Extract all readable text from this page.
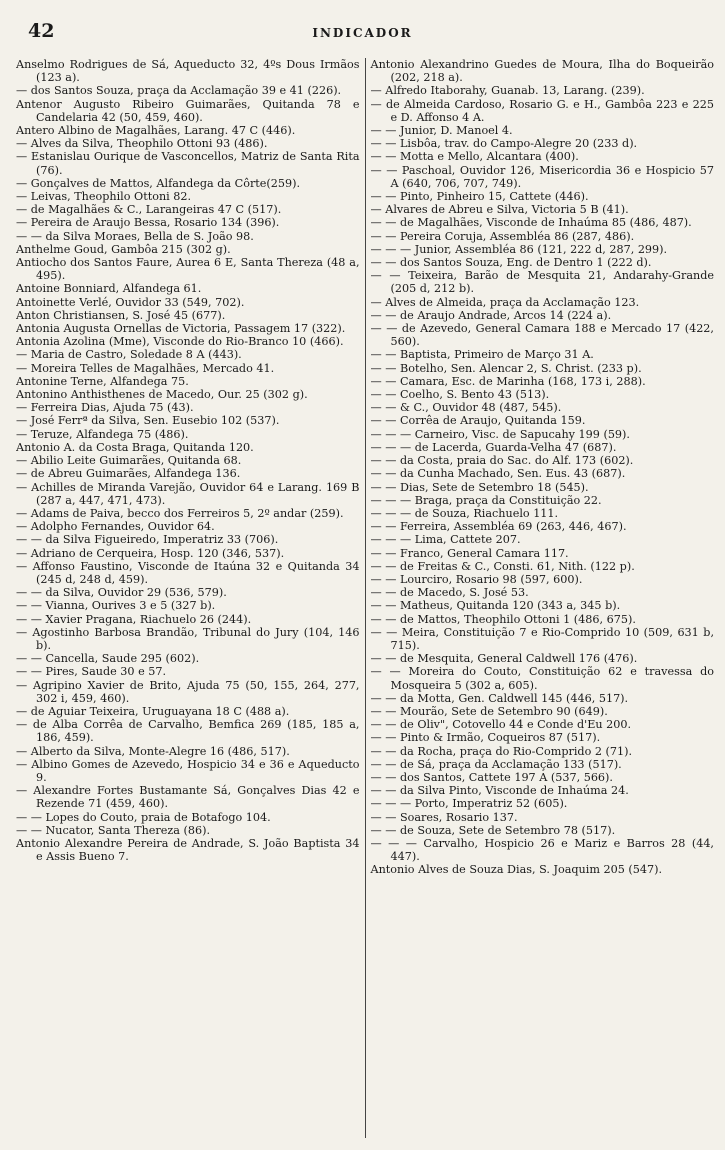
42	INDICADOR
Anselmo Rodrigues de Sá, Aqueducto 32, 4ºs Dous Irmãos (123 a).
— dos Santos Souza, praça da Acclamação 39 e 41 (226).
Antenor Augusto Ribeiro Guimarães, Quitanda 78 e Candelaria 42 (50, 459, 460).
Antero Albino de Magalhães, Larang. 47 C (446).
— Alves da Silva, Theophilo Ottoni 93 (486).
— Estanislau Ourique de Vasconcellos, Matriz de Santa Rita (76).
— Gonçalves de Mattos, Alfandega da Côrte(259).
— Leivas, Theophilo Ottoni 82.
— de Magalhães & C., Larangeiras 47 C (517).
— Pereira de Araujo Bessa, Rosario 134 (396).
— — da Silva Moraes, Bella de S. João 98.
Anthelme Goud, Gambôa 215 (302 g).
Antiocho dos Santos Faure, Aurea 6 E, Santa Thereza (48 a, 495).
Antoine Bonniard, Alfandega 61.
Antoinette Verlé, Ouvidor 33 (549, 702).
Anton Christiansen, S. José 45 (677).
Antonia Augusta Ornellas de Victoria, Passagem 17 (322).
Antonia Azolina (Mme), Visconde do Rio-Branco 10 (466).
— Maria de Castro, Soledade 8 A (443).
— Moreira Telles de Magalhães, Mercado 41.
Antonine Terne, Alfandega 75.
Antonino Anthisthenes de Macedo, Our. 25 (302 g).
— Ferreira Dias, Ajuda 75 (43).
— José Ferrª da Silva, Sen. Eusebio 102 (537).
— Teruze, Alfandega 75 (486).
Antonio A. da Costa Braga, Quitanda 120.
— Abilio Leite Guimarães, Quitanda 68.
— de Abreu Guimarães, Alfandega 136.
— Achilles de Miranda Varejão, Ouvidor 64 e Larang. 169 B (287 a, 447, 471, 473).
— Adams de Paiva, becco dos Ferreiros 5, 2º andar (259).
— Adolpho Fernandes, Ouvidor 64.
— — da Silva Figueiredo, Imperatriz 33 (706).
— Adriano de Cerqueira, Hosp. 120 (346, 537).
— Affonso Faustino, Visconde de Itaúna 32 e Quitanda 34 (245 d, 248 d, 459).
— — da Silva, Ouvidor 29 (536, 579).
— — Vianna, Ourives 3 e 5 (327 b).
— — Xavier Pragana, Riachuelo 26 (244).
— Agostinho Barbosa Brandão, Tribunal do Jury (104, 146 b).
— — Cancella, Saude 295 (602).
— — Pires, Saude 30 e 57.
— Agripino Xavier de Brito, Ajuda 75 (50, 155, 264, 277, 302 i, 459, 460).
— de Aguiar Teixeira, Uruguayana 18 C (488 a).
— de Alba Corrêa de Carvalho, Bemfica 269 (185, 185 a, 186, 459).
— Alberto da Silva, Monte-Alegre 16 (486, 517).
— Albino Gomes de Azevedo, Hospicio 34 e 36 e Aqueducto 9.
— Alexandre Fortes Bustamante Sá, Gonçalves Dias 42 e Rezende 71 (459, 460).
— — Lopes do Couto, praia de Botafogo 104.
— — Nucator, Santa Thereza (86).
Antonio Alexandre Pereira de Andrade, S. João Baptista 34 e Assis Bueno 7.
Antonio Alexandrino Guedes de Moura, Ilha do Boqueirão (202, 218 a).
— Alfredo Itaborahy, Guanab. 13, Larang. (239).
— de Almeida Cardoso, Rosario G. e H., Gambôa 223 e 225 e D. Affonso 4 A.
— — Junior, D. Manoel 4.
— — Lisbôa, trav. do Campo-Alegre 20 (233 d).
— — Motta e Mello, Alcantara (400).
— — Paschoal, Ouvidor 126, Misericordia 36 e Hospicio 57 A (640, 706, 707, 749).
— — Pinto, Pinheiro 15, Cattete (446).
— Alvares de Abreu e Silva, Victoria 5 B (41).
— — de Magalhães, Visconde de Inhaúma 85 (486, 487).
— — Pereira Coruja, Assembléa 86 (287, 486).
— — — Junior, Assembléa 86 (121, 222 d, 287, 299).
— — dos Santos Souza, Eng. de Dentro 1 (222 d).
— — Teixeira, Barão de Mesquita 21, Andarahy-Grande (205 d, 212 b).
— Alves de Almeida, praça da Acclamação 123.
— — de Araujo Andrade, Arcos 14 (224 a).
— — de Azevedo, General Camara 188 e Mercado 17 (422, 560).
— — Baptista, Primeiro de Março 31 A.
— — Botelho, Sen. Alencar 2, S. Christ. (233 p).
— — Camara, Esc. de Marinha (168, 173 i, 288).
— — Coelho, S. Bento 43 (513).
— — & C., Ouvidor 48 (487, 545).
— — Corrêa de Araujo, Quitanda 159.
— — — Carneiro, Visc. de Sapucahy 199 (59).
— — — de Lacerda, Guarda-Velha 47 (687).
— — da Costa, praia do Sac. do Alf. 173 (602).
— — da Cunha Machado, Sen. Eus. 43 (687).
— — Dias, Sete de Setembro 18 (545).
— — — Braga, praça da Constituição 22.
— — — de Souza, Riachuelo 111.
— — Ferreira, Assembléa 69 (263, 446, 467).
— — — Lima, Cattete 207.
— — Franco, General Camara 117.
— — de Freitas & C., Consti. 61, Nith. (122 p).
— — Lourciro, Rosario 98 (597, 600).
— — de Macedo, S. José 53.
— — Matheus, Quitanda 120 (343 a, 345 b).
— — de Mattos, Theophilo Ottoni 1 (486, 675).
— — Meira, Constituição 7 e Rio-Comprido 10 (509, 631 b, 715).
— — de Mesquita, General Caldwell 176 (476).
— — Moreira do Couto, Constituição 62 e travessa do Mosqueira 5 (302 a, 605).
— — da Motta, Gen. Caldwell 145 (446, 517).
— — Mourão, Sete de Setembro 90 (649).
— — de Oliv", Cotovello 44 e Conde d'Eu 200.
— — Pinto & Irmão, Coqueiros 87 (517).
— — da Rocha, praça do Rio-Comprido 2 (71).
— — de Sá, praça da Acclamação 133 (517).
— — dos Santos, Cattete 197 A (537, 566).
— — da Silva Pinto, Visconde de Inhaúma 24.
— — — Porto, Imperatriz 52 (605).
— — Soares, Rosario 137.
— — de Souza, Sete de Setembro 78 (517).
— — — Carvalho, Hospicio 26 e Mariz e Barros 28 (44, 447).
Antonio Alves de Souza Dias, S. Joaquim 205 (547).
